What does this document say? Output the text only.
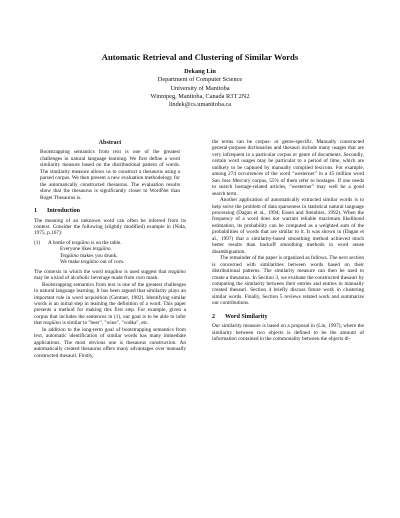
Automatic Retrieval and Clustering of Similar Words
Dekang Lin
Department of Computer Science
University of Manitoba
Winnipeg, Manitoba, Canada R3T 2N2
lindek@cs.umanitoba.ca
Abstract

Bootstrapping semantics from text is one of the greatest challenges in natural language learning. We first define a word similarity measure based on the distributional pattern of words. The similarity measure allows us to construct a thesaurus using a parsed corpus. We then present a new evaluation methodology for the automatically constructed thesaurus. The evaluation results show that the thesaurus is significantly closer to WordNet than Roget Thesaurus is.

1 Introduction

The meaning of an unknown word can often be inferred from its context. Consider the following (slightly modified) example in (Nida, 1975, p.167):

(1) A bottle of tezgüino is on the table.
Everyone likes tezgüino.
Tezgüino makes you drunk.
We make tezgüino out of corn.

The contexts in which the word tezgüino is used suggest that tezgüino may be a kind of alcoholic beverage made from corn mash.

Bootstrapping semantics from text is one of the greatest challenges in natural language learning. It has been argued that similarity plays an important role in word acquisition (Gentner, 1982). Identifying similar words is an initial step in learning the definition of a word. This paper presents a method for making this first step. For example, given a corpus that includes the sentences in (1), our goal is to be able to infer that tezgüino is similar to "beer", "wine", "vodka", etc.

In addition to the long-term goal of bootstrapping semantics from text, automatic identification of similar words has many immediate applications. The most obvious one is thesaurus construction. An automatically created thesaurus offers many advantages over manually constructed thesauri. Firstly,

the terms can be corpus- or genre-specific. Manually constructed general-purpose dictionaries and thesauri include many usages that are very infrequent in a particular corpus or genre of documents. Secondly, certain word usages may be particular to a period of time, which are unlikely to be captured by manually compiled lexicons. For example, among 274 occurrences of the word "westerner" in a 45 million word San Jose Mercury corpus, 55% of them refer to hostages. If one needs to search hostage-related articles, "westerner" may well be a good search term.

Another application of automatically extracted similar words is to help solve the problem of data sparseness in statistical natural language processing (Dagan et al., 1994; Essen and Steinbiss, 1992). When the frequency of a word does not warrant reliable maximum likelihood estimation, its probability can be computed as a weighted sum of the probabilities of words that are similar to it. It was shown in (Dagan et al., 1997) that a similarity-based smoothing method achieved much better results than backoff smoothing methods in word sense disambiguation.

The remainder of the paper is organized as follows. The next section is concerned with similarities between words based on their distributional patterns. The similarity measure can then be used to create a thesaurus. In Section 3, we evaluate the constructed thesauri by computing the similarity between their entries and entries in manually created thesauri. Section 4 briefly discuss future work in clustering similar words. Finally, Section 5 reviews related work and summarize our contributions.

2 Word Similarity

Our similarity measure is based on a proposal in (Lin, 1997), where the similarity between two objects is defined to be the amount of information contained in the commonality between the objects di-
